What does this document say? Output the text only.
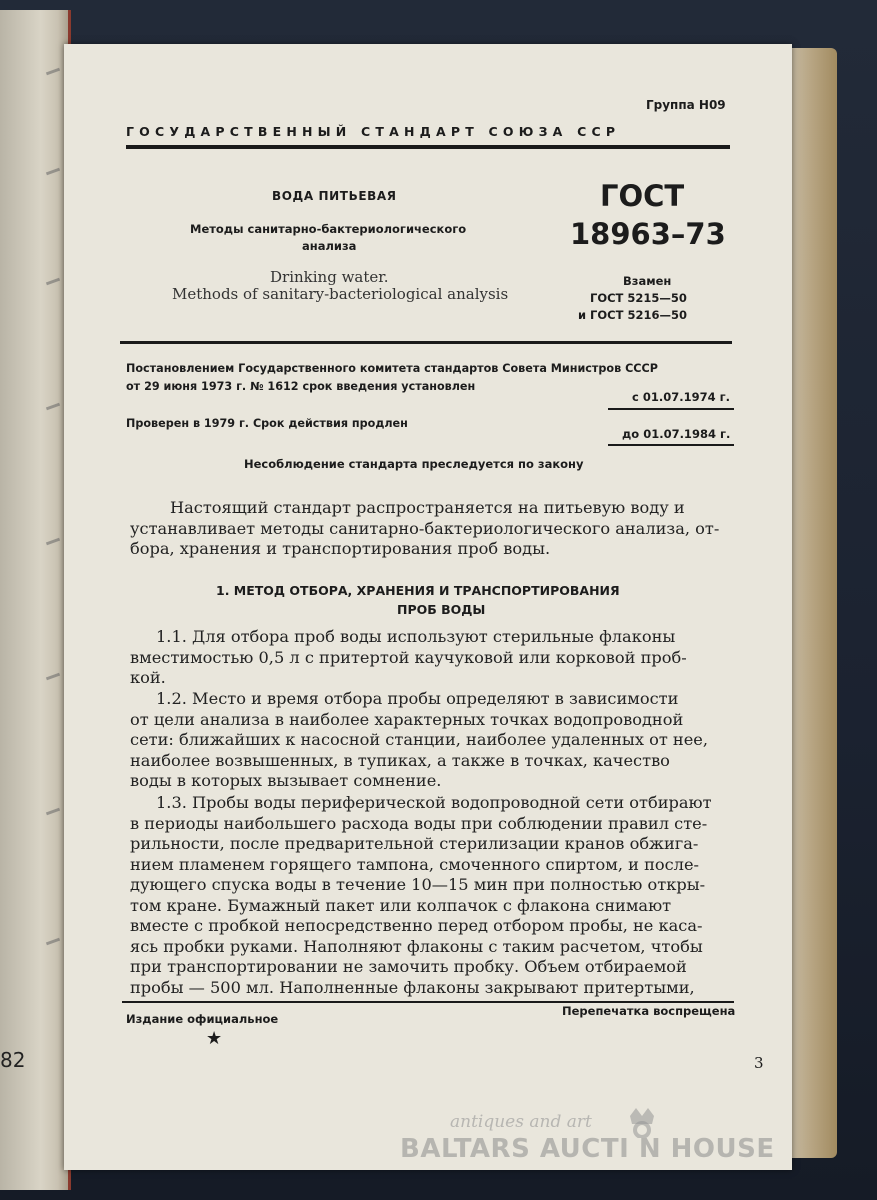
82
Группа Н09
ГОСУДАРСТВЕННЫЙ СТАНДАРТ СОЮЗА ССР
ВОДА ПИТЬЕВАЯ
Методы санитарно-бактериологического
анализа
Drinking water.
Methods of sanitary-bacteriological analysis
ГОСТ
18963–73
Взамен
ГОСТ 5215—50
и ГОСТ 5216—50
Постановлением Государственного комитета стандартов Совета Министров СССР
от 29 июня 1973 г. № 1612 срок введения установлен
с 01.07.1974 г.
Проверен в 1979 г. Срок действия продлен
до 01.07.1984 г.
Несоблюдение стандарта преследуется по закону
Настоящий стандарт распространяется на питьевую воду и
устанавливает методы санитарно-бактериологического анализа, от-
бора, хранения и транспортирования проб воды.
1. МЕТОД ОТБОРА, ХРАНЕНИЯ И ТРАНСПОРТИРОВАНИЯ
ПРОБ ВОДЫ
1.1. Для отбора проб воды используют стерильные флаконы
вместимостью 0,5 л с притертой каучуковой или корковой проб-
кой.
1.2. Место и время отбора пробы определяют в зависимости
от цели анализа в наиболее характерных точках водопроводной
сети: ближайших к насосной станции, наиболее удаленных от нее,
наиболее возвышенных, в тупиках, а также в точках, качество
воды в которых вызывает сомнение.
1.3. Пробы воды периферической водопроводной сети отбирают
в периоды наибольшего расхода воды при соблюдении правил сте-
рильности, после предварительной стерилизации кранов обжига-
нием пламенем горящего тампона, смоченного спиртом, и после-
дующего спуска воды в течение 10—15 мин при полностью откры-
том кране. Бумажный пакет или колпачок с флакона снимают
вместе с пробкой непосредственно перед отбором пробы, не каса-
ясь пробки руками. Наполняют флаконы с таким расчетом, чтобы
при транспортировании не замочить пробку. Объем отбираемой
пробы — 500 мл. Наполненные флаконы закрывают притертыми,
Издание официальное
★
Перепечатка воспрещена
3
antiques and art
BALTARS AUCTI N HOUSE
